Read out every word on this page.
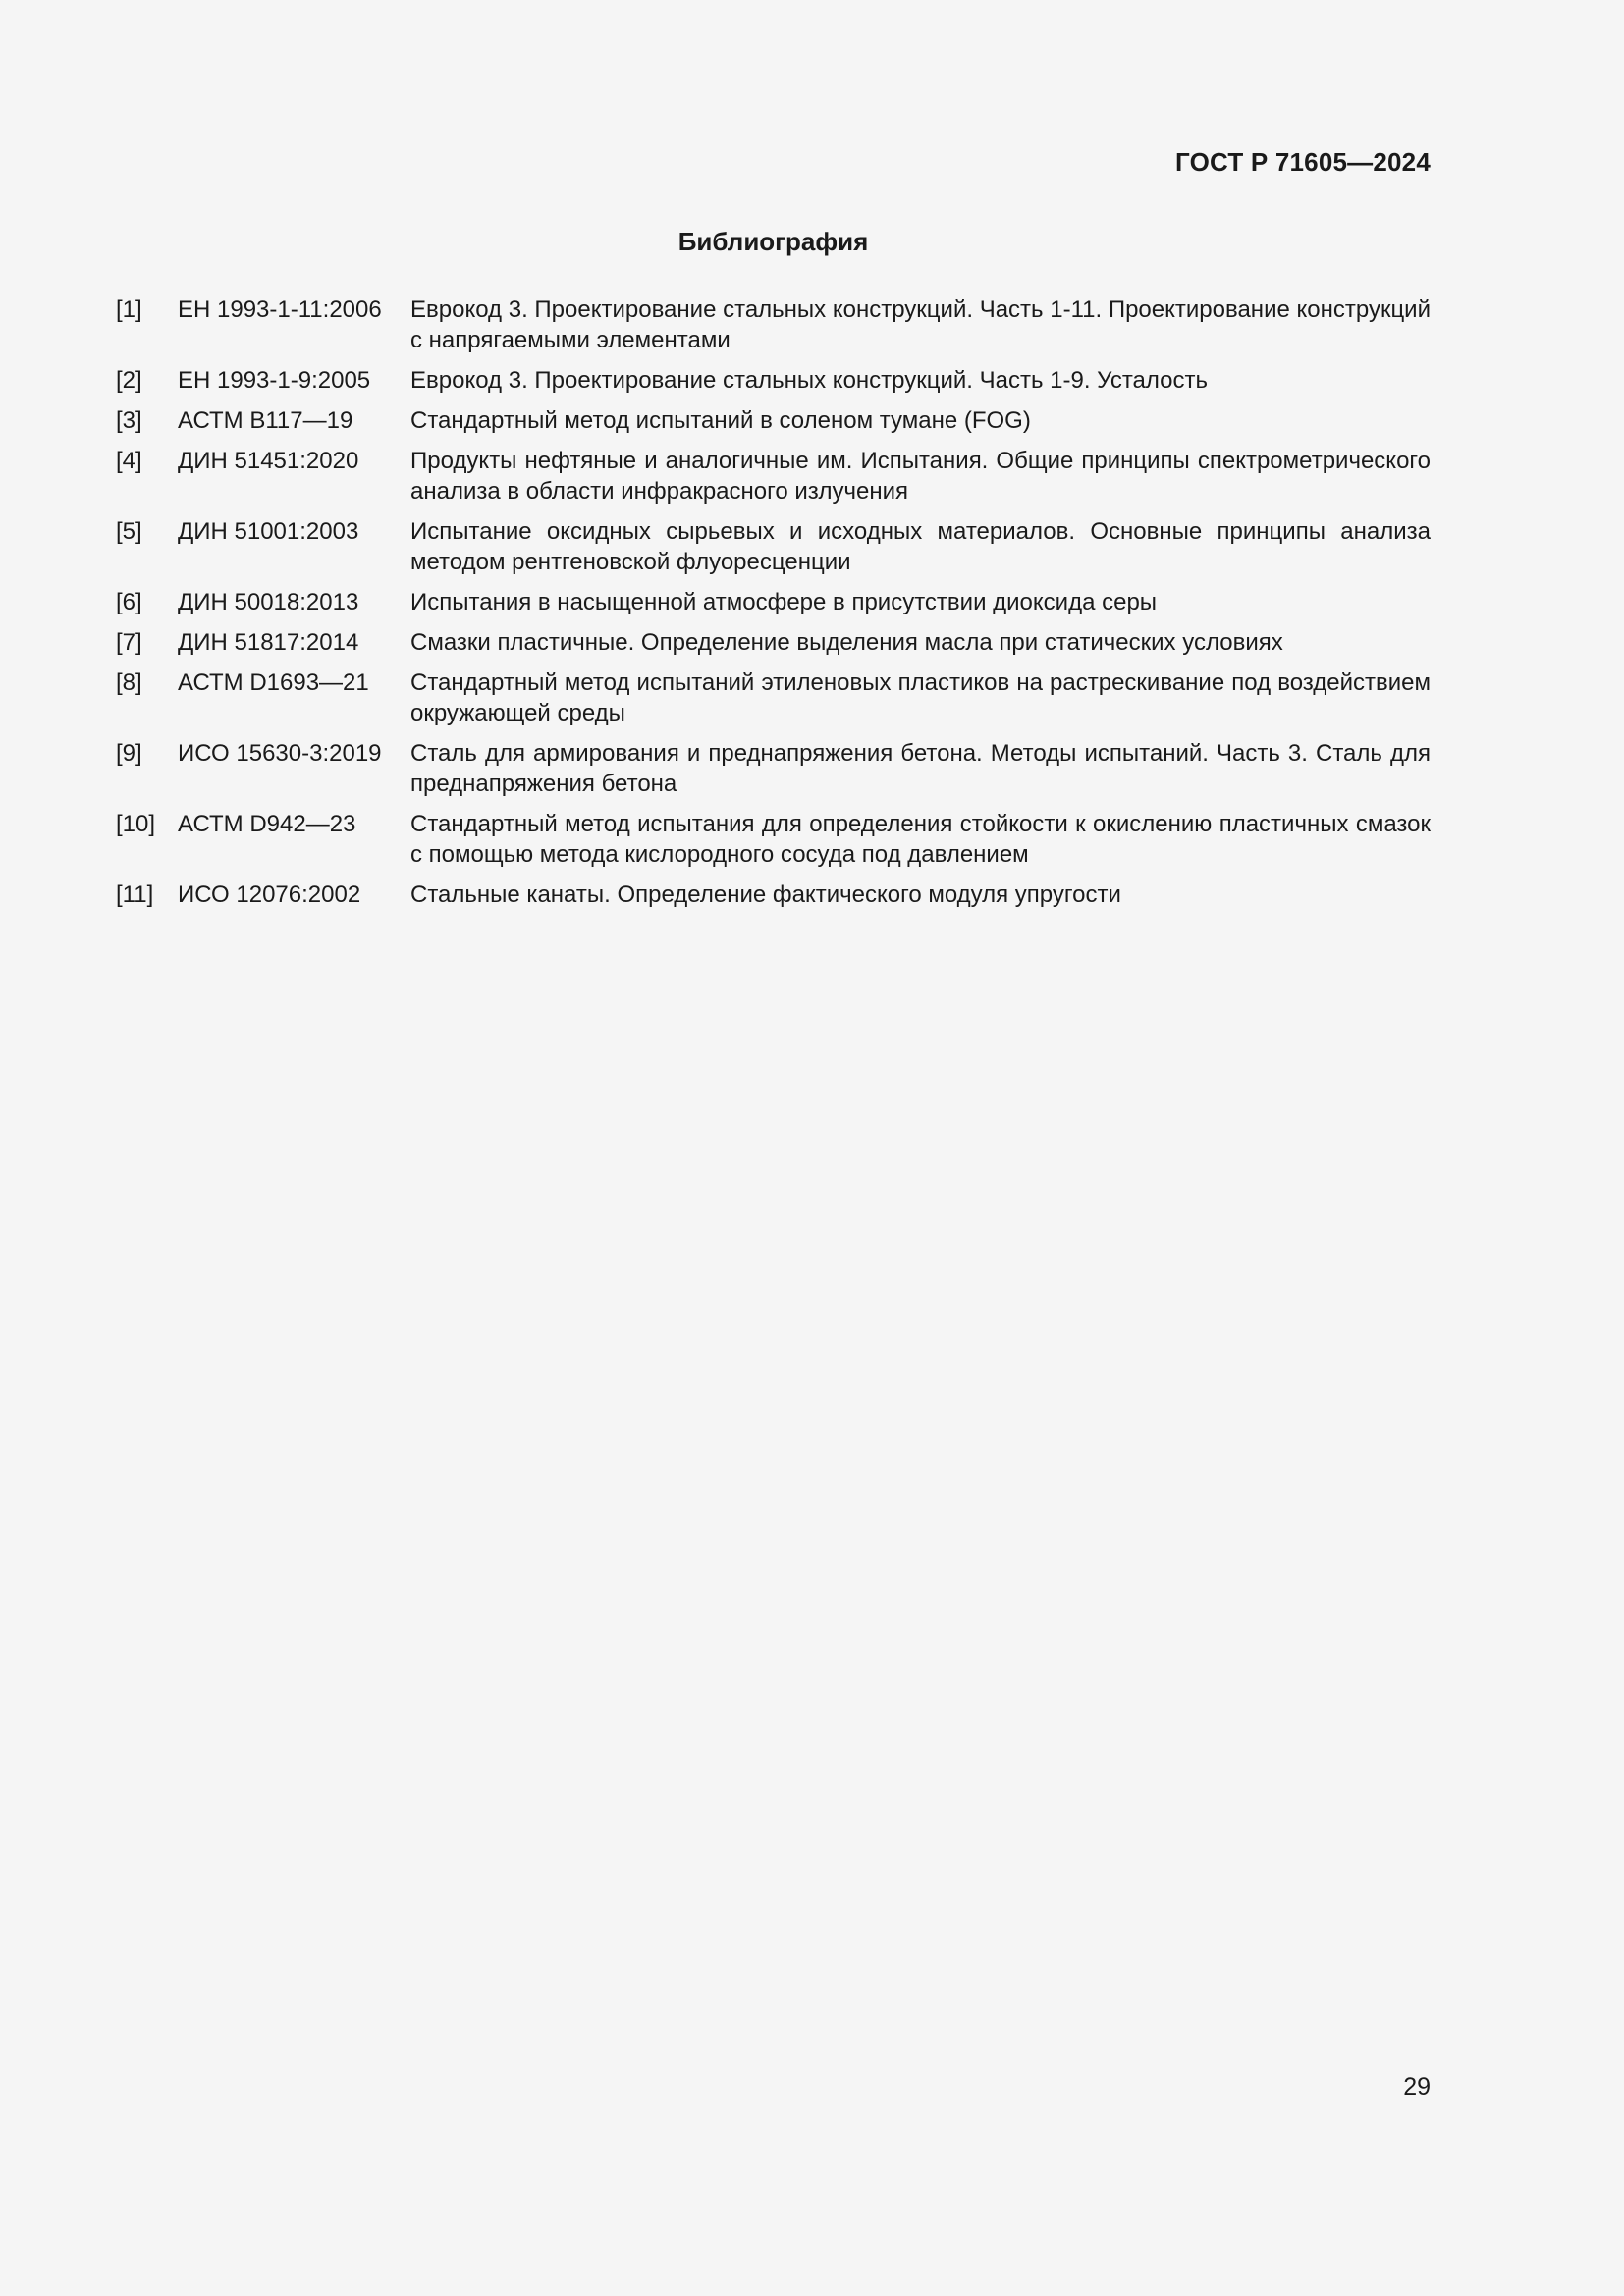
ГОСТ Р 71605—2024
Библиография
[1] ЕН 1993-1-11:2006 Еврокод 3. Проектирование стальных конструкций. Часть 1-11. Проектирование конструкций с напрягаемыми элементами
[2] ЕН 1993-1-9:2005 Еврокод 3. Проектирование стальных конструкций. Часть 1-9. Усталость
[3] АСТМ В117—19 Стандартный метод испытаний в соленом тумане (FOG)
[4] ДИН 51451:2020 Продукты нефтяные и аналогичные им. Испытания. Общие принципы спектрометрического анализа в области инфракрасного излучения
[5] ДИН 51001:2003 Испытание оксидных сырьевых и исходных материалов. Основные принципы анализа методом рентгеновской флуоресценции
[6] ДИН 50018:2013 Испытания в насыщенной атмосфере в присутствии диоксида серы
[7] ДИН 51817:2014 Смазки пластичные. Определение выделения масла при статических условиях
[8] АСТМ D1693—21 Стандартный метод испытаний этиленовых пластиков на растрескивание под воздействием окружающей среды
[9] ИСО 15630-3:2019 Сталь для армирования и преднапряжения бетона. Методы испытаний. Часть 3. Сталь для преднапряжения бетона
[10] АСТМ D942—23 Стандартный метод испытания для определения стойкости к окислению пластичных смазок с помощью метода кислородного сосуда под давлением
[11] ИСО 12076:2002 Стальные канаты. Определение фактического модуля упругости
29
